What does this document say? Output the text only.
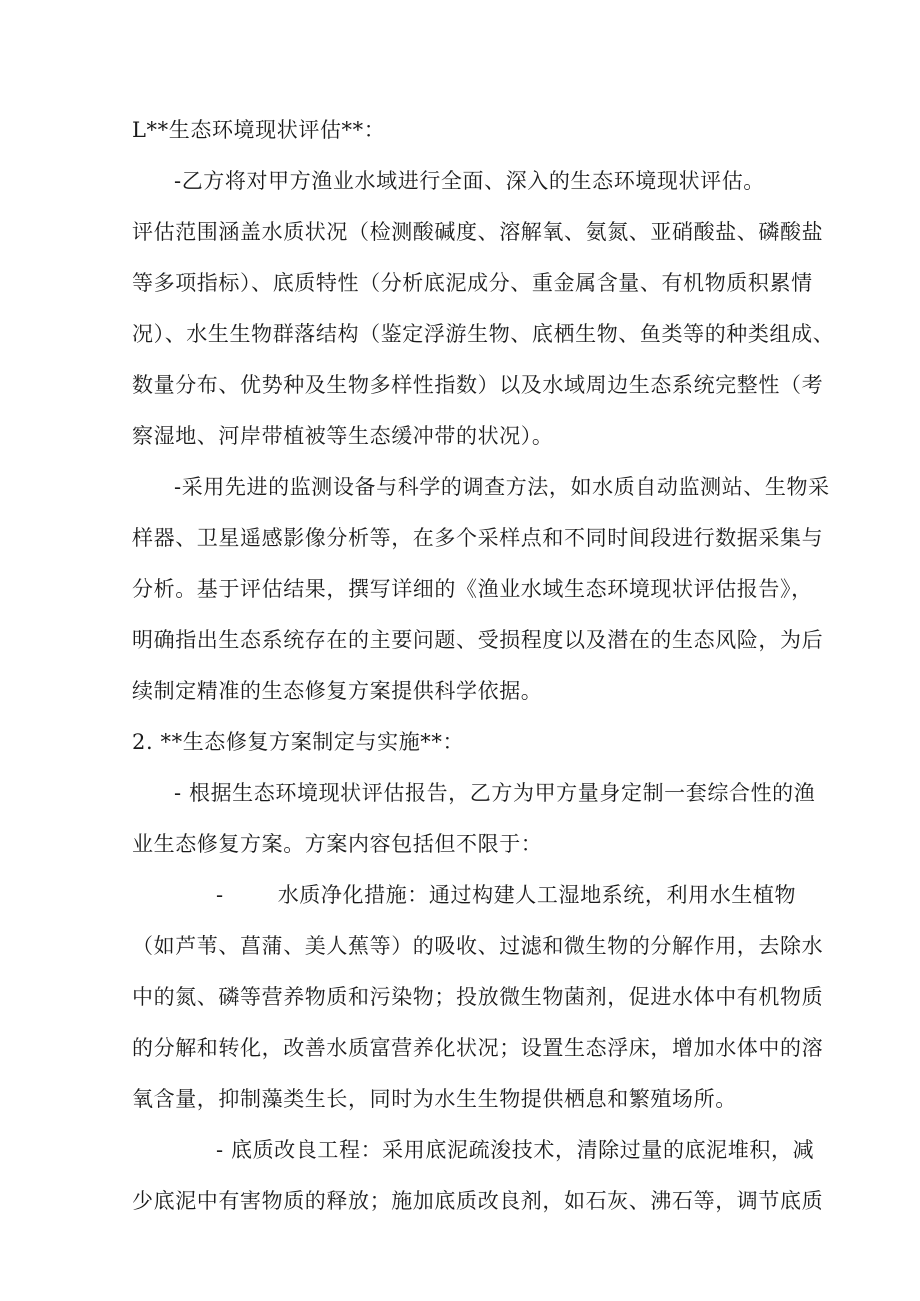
L**生态环境现状评估**：

-乙方将对甲方渔业水域进行全面、深入的生态环境现状评估。

评估范围涵盖水质状况（检测酸碱度、溶解氧、氨氮、亚硝酸盐、磷酸盐

等多项指标）、底质特性（分析底泥成分、重金属含量、有机物质积累情

况）、水生生物群落结构（鉴定浮游生物、底栖生物、鱼类等的种类组成、

数量分布、优势种及生物多样性指数）以及水域周边生态系统完整性（考

察湿地、河岸带植被等生态缓冲带的状况）。

-采用先进的监测设备与科学的调查方法，如水质自动监测站、生物采

样器、卫星遥感影像分析等，在多个采样点和不同时间段进行数据采集与

分析。基于评估结果，撰写详细的《渔业水域生态环境现状评估报告》，

明确指出生态系统存在的主要问题、受损程度以及潜在的生态风险，为后

续制定精准的生态修复方案提供科学依据。

2. **生态修复方案制定与实施**：

- 根据生态环境现状评估报告，乙方为甲方量身定制一套综合性的渔

业生态修复方案。方案内容包括但不限于：

-	水质净化措施：通过构建人工湿地系统，利用水生植物

（如芦苇、菖蒲、美人蕉等）的吸收、过滤和微生物的分解作用，去除水

中的氮、磷等营养物质和污染物；投放微生物菌剂，促进水体中有机物质

的分解和转化，改善水质富营养化状况；设置生态浮床，增加水体中的溶

氧含量，抑制藻类生长，同时为水生生物提供栖息和繁殖场所。

- 底质改良工程：采用底泥疏浚技术，清除过量的底泥堆积，减

少底泥中有害物质的释放；施加底质改良剂，如石灰、沸石等，调节底质
